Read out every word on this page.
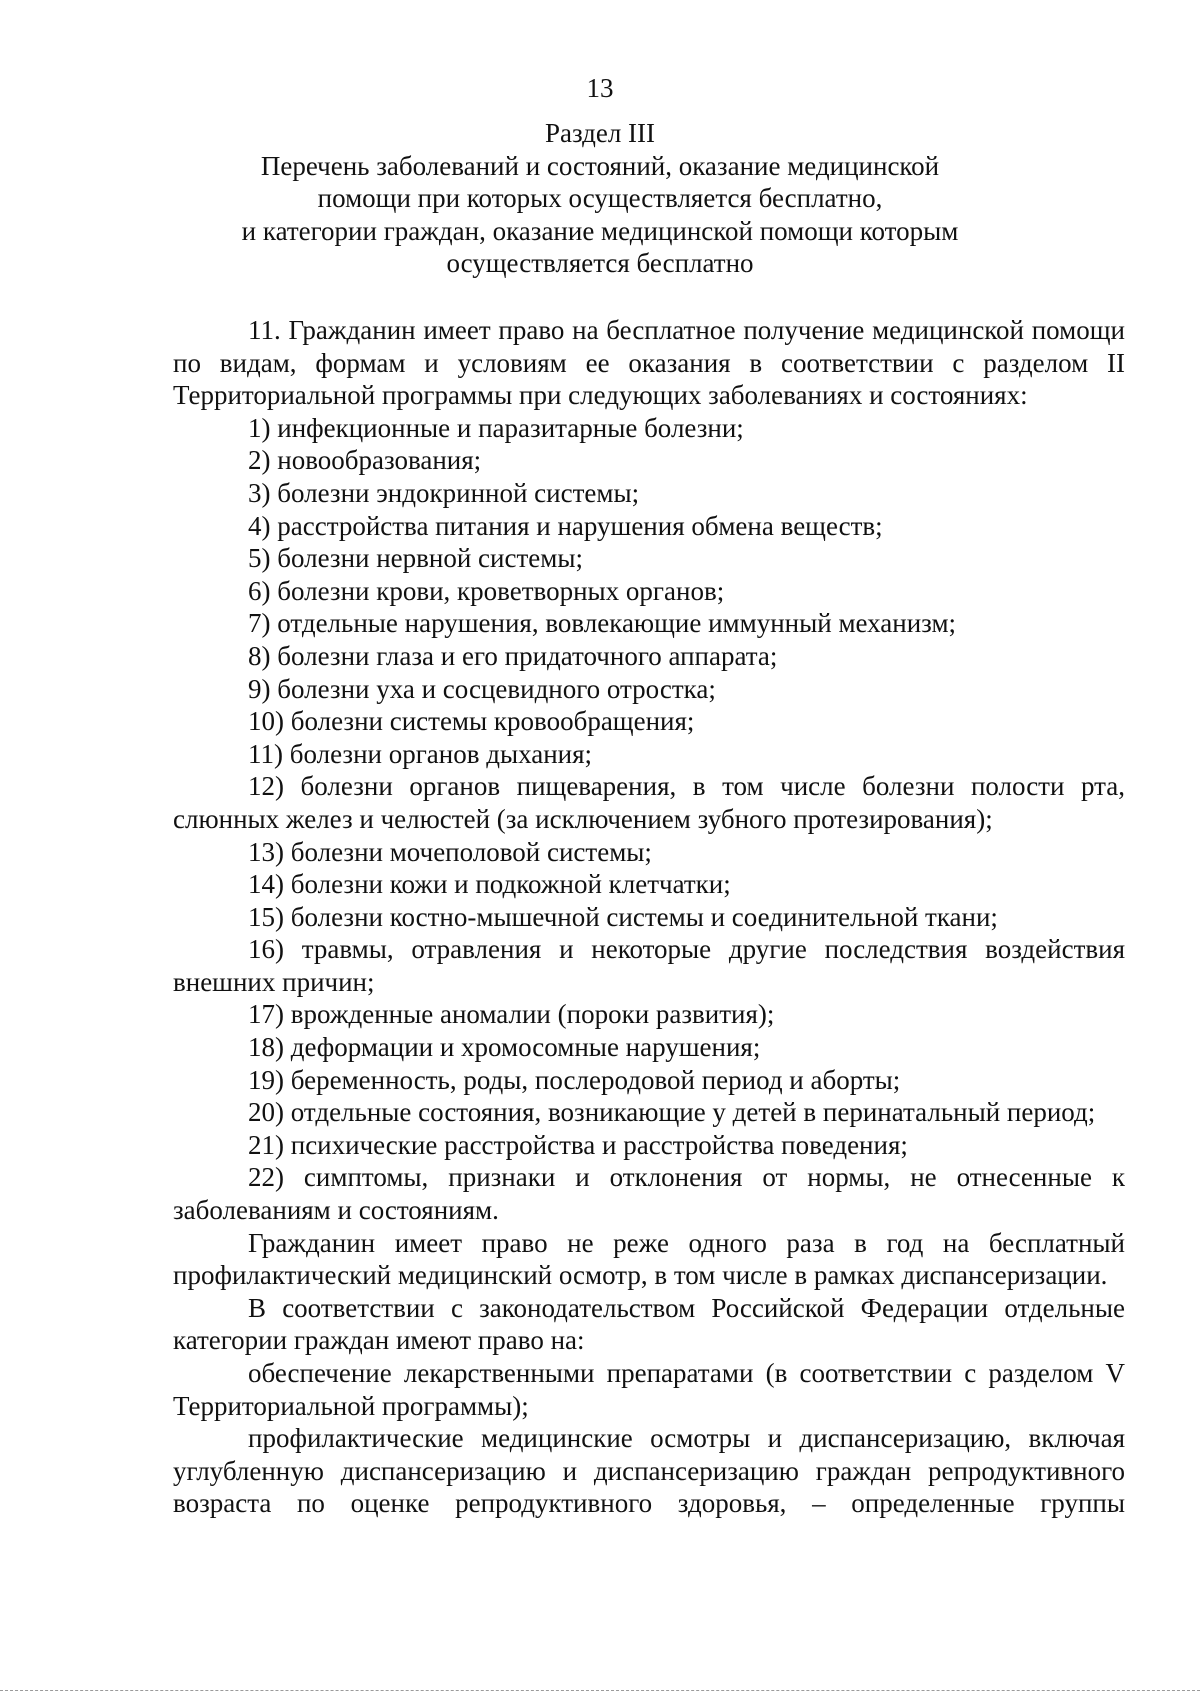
13
Раздел III
Перечень заболеваний и состояний, оказание медицинской
помощи при которых осуществляется бесплатно,
и категории граждан, оказание медицинской помощи которым
осуществляется бесплатно

11. Гражданин имеет право на бесплатное получение медицинской помощи по видам, формам и условиям ее оказания в соответствии с разделом II Территориальной программы при следующих заболеваниях и состояниях:

1) инфекционные и паразитарные болезни;

2) новообразования;

3) болезни эндокринной системы;

4) расстройства питания и нарушения обмена веществ;

5) болезни нервной системы;

6) болезни крови, кроветворных органов;

7) отдельные нарушения, вовлекающие иммунный механизм;

8) болезни глаза и его придаточного аппарата;

9) болезни уха и сосцевидного отростка;

10) болезни системы кровообращения;

11) болезни органов дыхания;

12) болезни органов пищеварения, в том числе болезни полости рта, слюнных желез и челюстей (за исключением зубного протезирования);

13) болезни мочеполовой системы;

14) болезни кожи и подкожной клетчатки;

15) болезни костно-мышечной системы и соединительной ткани;

16) травмы, отравления и некоторые другие последствия воздействия внешних причин;

17) врожденные аномалии (пороки развития);

18) деформации и хромосомные нарушения;

19) беременность, роды, послеродовой период и аборты;

20) отдельные состояния, возникающие у детей в перинатальный период;

21) психические расстройства и расстройства поведения;

22) симптомы, признаки и отклонения от нормы, не отнесенные к заболеваниям и состояниям.

Гражданин имеет право не реже одного раза в год на бесплатный профилактический медицинский осмотр, в том числе в рамках диспансеризации.

В соответствии с законодательством Российской Федерации отдельные категории граждан имеют право на:

обеспечение лекарственными препаратами (в соответствии с разделом V Территориальной программы);

профилактические медицинские осмотры и диспансеризацию, включая углубленную диспансеризацию и диспансеризацию граждан репродуктивного возраста по оценке репродуктивного здоровья, – определенные группы
